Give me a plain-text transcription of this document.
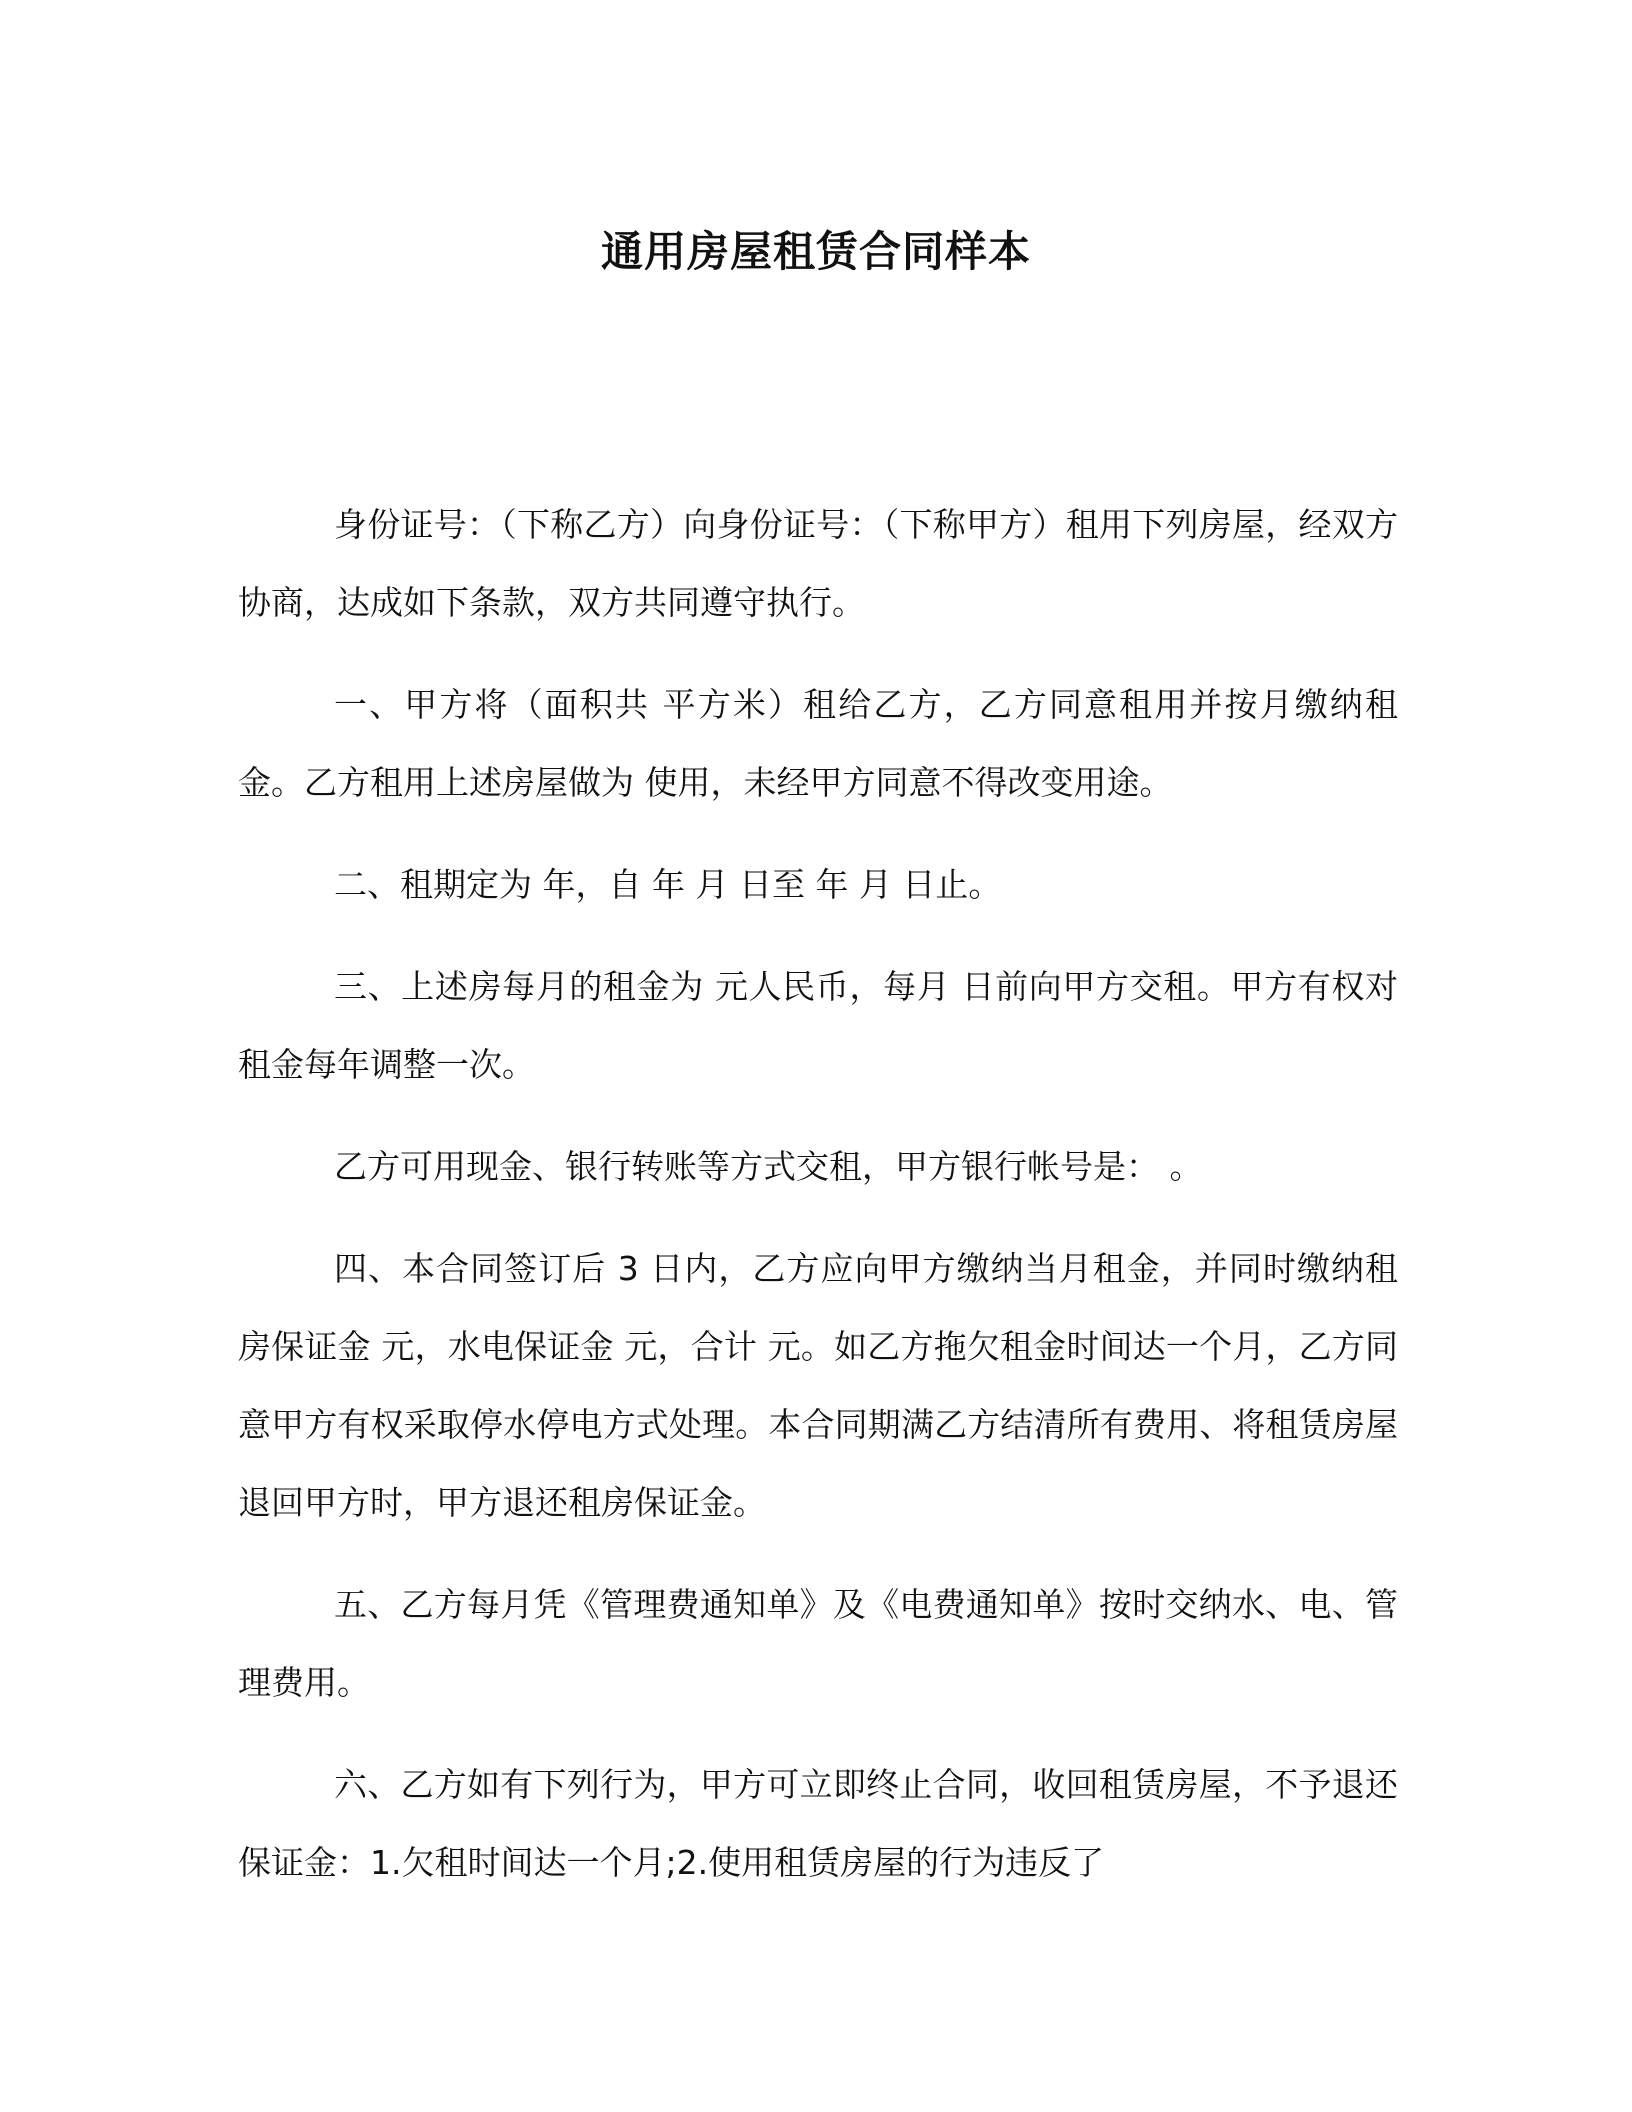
通用房屋租赁合同样本

身份证号：（下称乙方）向身份证号：（下称甲方）租用下列房屋，经双方协商，达成如下条款，双方共同遵守执行。

一、甲方将（面积共 平方米）租给乙方，乙方同意租用并按月缴纳租金。乙方租用上述房屋做为 使用，未经甲方同意不得改变用途。

二、租期定为 年，自 年 月 日至 年 月 日止。

三、上述房每月的租金为 元人民币，每月 日前向甲方交租。甲方有权对租金每年调整一次。

乙方可用现金、银行转账等方式交租，甲方银行帐号是： 。

四、本合同签订后 3 日内，乙方应向甲方缴纳当月租金，并同时缴纳租房保证金 元，水电保证金 元，合计 元。如乙方拖欠租金时间达一个月，乙方同意甲方有权采取停水停电方式处理。本合同期满乙方结清所有费用、将租赁房屋退回甲方时，甲方退还租房保证金。

五、乙方每月凭《管理费通知单》及《电费通知单》按时交纳水、电、管理费用。

六、乙方如有下列行为，甲方可立即终止合同，收回租赁房屋，不予退还保证金：1.欠租时间达一个月;2.使用租赁房屋的行为违反了
